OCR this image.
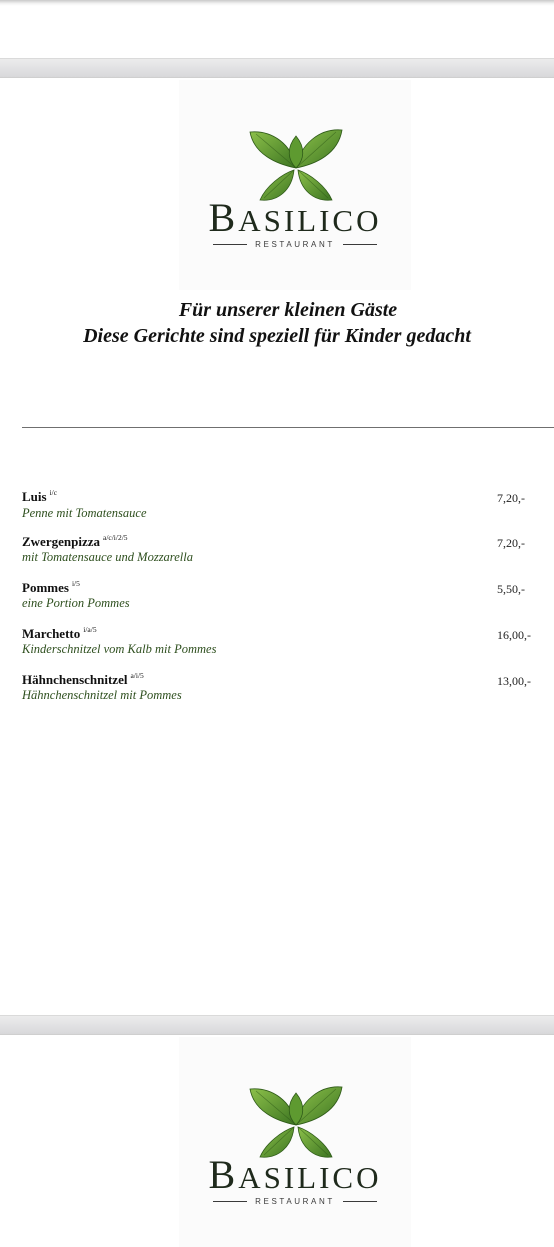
BASILICO
RESTAURANT
Für unserer kleinen Gäste
Diese Gerichte sind speziell für Kinder gedacht
Luis $^{i/c}$
Penne mit Tomatensauce
7,20,-
Zwergenpizza $^{a/c/i/2/5}$
mit Tomatensauce und Mozzarella
7,20,-
Pommes $^{i/5}$
eine Portion Pommes
5,50,-
Marchetto $^{i/a/5}$
Kinderschnitzel vom Kalb mit Pommes
16,00,-
Hähnchenschnitzel $^{a/i/5}$
Hähnchenschnitzel mit Pommes
13,00,-
BASILICO
RESTAURANT
